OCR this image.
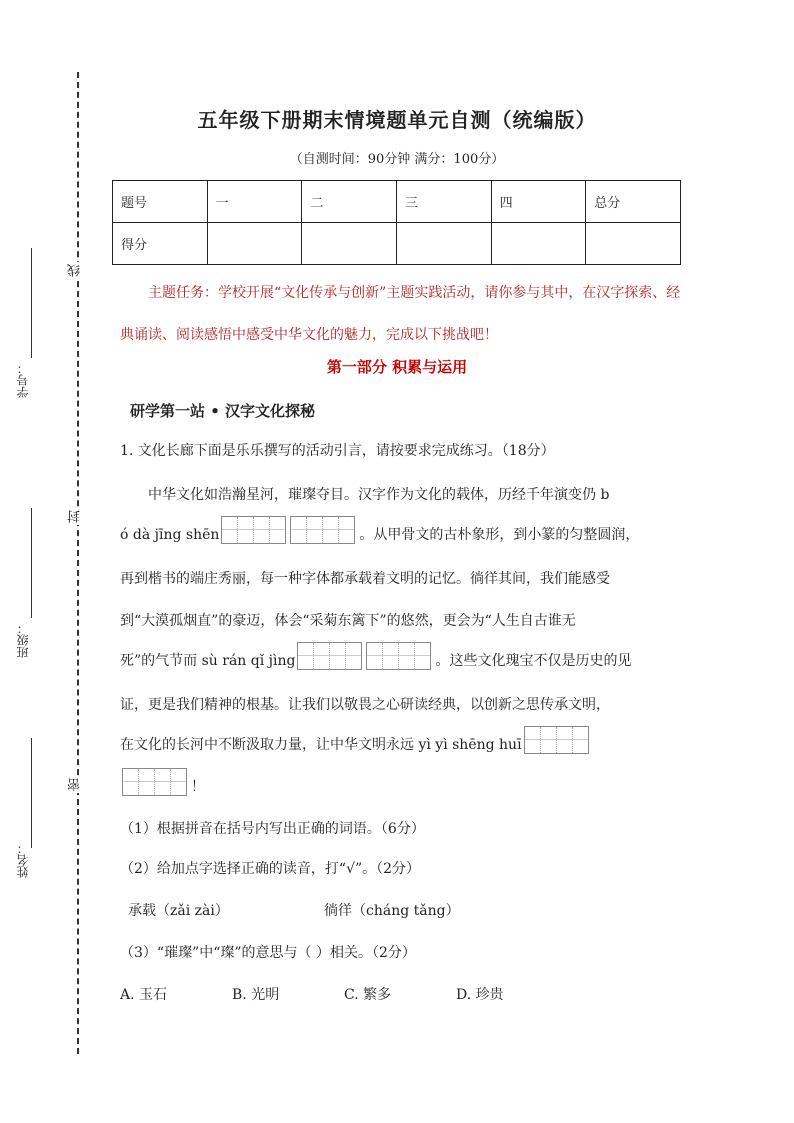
线
封
密
学号：
班级：
姓名：
五年级下册期末情境题单元自测（统编版）
（自测时间：90分钟 满分：100分）
题号	一	二	三	四	总分
得分					
主题任务：学校开展“文化传承与创新”主题实践活动，请你参与其中，在汉字探索、经典诵读、阅读感悟中感受中华文化的魅力，完成以下挑战吧！
第一部分 积累与运用
研学第一站 • 汉字文化探秘
1. 文化长廊下面是乐乐撰写的活动引言，请按要求完成练习。（18分）
中华文化如浩瀚星河，璀璨夺目。汉字作为文化的载体，历经千年演变仍 b
ó dà jīng shēn	。从甲骨文的古朴象形，到小篆的匀整圆润，
再到楷书的端庄秀丽，每一种字体都承载着文明的记忆。徜徉其间，我们能感受
到“大漠孤烟直”的豪迈，体会“采菊东篱下”的悠然，更会为“人生自古谁无
死”的气节而 sù rán qǐ jìng	。这些文化瑰宝不仅是历史的见
证，更是我们精神的根基。让我们以敬畏之心研读经典，以创新之思传承文明，
在文化的长河中不断汲取力量，让中华文明永远 yì yì shēng huī
！
（1）根据拼音在括号内写出正确的词语。（6分）
（2）给加点字选择正确的读音，打“√”。（2分）
承载（zǎi zài）	徜徉（cháng tǎng）
（3）“璀璨”中“璨”的意思与（ ）相关。（2分）
A. 玉石	B. 光明	C. 繁多	D. 珍贵
